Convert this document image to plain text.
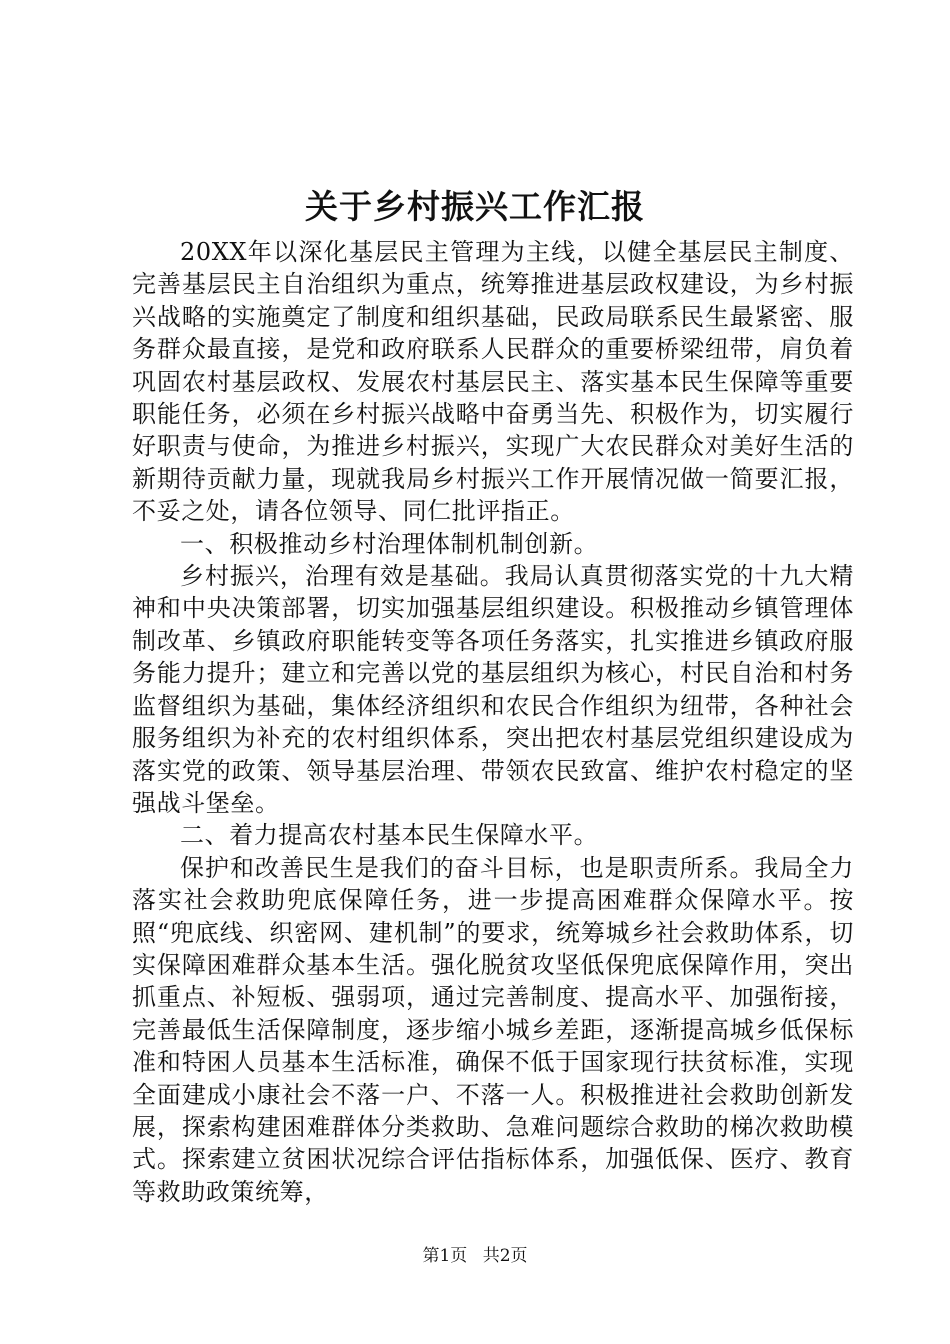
关于乡村振兴工作汇报

20XX年以深化基层民主管理为主线，以健全基层民主制度、完善基层民主自治组织为重点，统筹推进基层政权建设，为乡村振兴战略的实施奠定了制度和组织基础，民政局联系民生最紧密、服务群众最直接，是党和政府联系人民群众的重要桥梁纽带，肩负着巩固农村基层政权、发展农村基层民主、落实基本民生保障等重要职能任务，必须在乡村振兴战略中奋勇当先、积极作为，切实履行好职责与使命，为推进乡村振兴，实现广大农民群众对美好生活的新期待贡献力量，现就我局乡村振兴工作开展情况做一简要汇报，不妥之处，请各位领导、同仁批评指正。

一、积极推动乡村治理体制机制创新。

乡村振兴，治理有效是基础。我局认真贯彻落实党的十九大精神和中央决策部署，切实加强基层组织建设。积极推动乡镇管理体制改革、乡镇政府职能转变等各项任务落实，扎实推进乡镇政府服务能力提升；建立和完善以党的基层组织为核心，村民自治和村务监督组织为基础，集体经济组织和农民合作组织为纽带，各种社会服务组织为补充的农村组织体系，突出把农村基层党组织建设成为落实党的政策、领导基层治理、带领农民致富、维护农村稳定的坚强战斗堡垒。

二、着力提高农村基本民生保障水平。

保护和改善民生是我们的奋斗目标，也是职责所系。我局全力落实社会救助兜底保障任务，进一步提高困难群众保障水平。按照“兜底线、织密网、建机制”的要求，统筹城乡社会救助体系，切实保障困难群众基本生活。强化脱贫攻坚低保兜底保障作用，突出抓重点、补短板、强弱项，通过完善制度、提高水平、加强衔接，完善最低生活保障制度，逐步缩小城乡差距，逐渐提高城乡低保标准和特困人员基本生活标准，确保不低于国家现行扶贫标准，实现全面建成小康社会不落一户、不落一人。积极推进社会救助创新发展，探索构建困难群体分类救助、急难问题综合救助的梯次救助模式。探索建立贫困状况综合评估指标体系，加强低保、医疗、教育等救助政策统筹，

第1页 共2页
